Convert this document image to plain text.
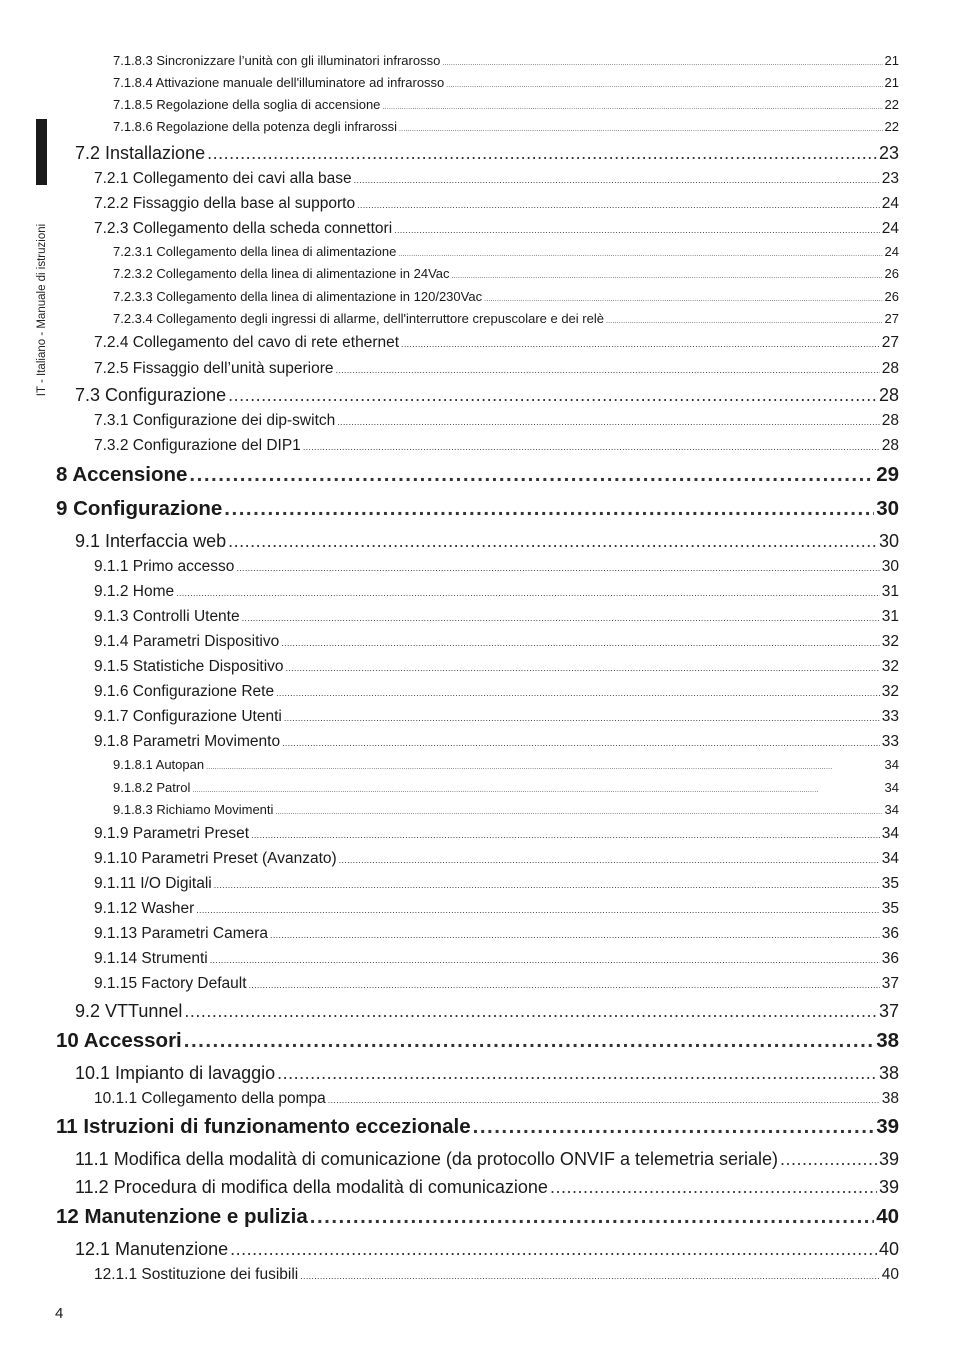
IT - Italiano - Manuale di istruzioni
7.1.8.3 Sincronizzare l’unità con gli illuminatori infrarosso .....	21
7.1.8.4 Attivazione manuale dell'illuminatore ad infrarosso .....	21
7.1.8.5 Regolazione della soglia di accensione .....	22
7.1.8.6 Regolazione della potenza degli infrarossi .....	22
7.2 Installazione .....	23
7.2.1 Collegamento dei cavi alla base .....	23
7.2.2 Fissaggio della base al supporto .....	24
7.2.3 Collegamento della scheda connettori .....	24
7.2.3.1 Collegamento della linea di alimentazione .....	24
7.2.3.2 Collegamento della linea di alimentazione in 24Vac .....	26
7.2.3.3 Collegamento della linea di alimentazione in 120/230Vac .....	26
7.2.3.4 Collegamento degli ingressi di allarme, dell'interruttore crepuscolare e dei relè .....	27
7.2.4 Collegamento del cavo di rete ethernet .....	27
7.2.5 Fissaggio dell’unità superiore .....	28
7.3 Configurazione .....	28
7.3.1 Configurazione dei dip-switch .....	28
7.3.2 Configurazione del DIP1 .....	28
8 Accensione .....	29
9 Configurazione .....	30
9.1 Interfaccia web .....	30
9.1.1 Primo accesso .....	30
9.1.2 Home .....	31
9.1.3 Controlli Utente .....	31
9.1.4 Parametri Dispositivo .....	32
9.1.5 Statistiche Dispositivo .....	32
9.1.6 Configurazione Rete .....	32
9.1.7 Configurazione Utenti .....	33
9.1.8 Parametri Movimento .....	33
9.1.8.1 Autopan .....	34
9.1.8.2 Patrol .....	34
9.1.8.3 Richiamo Movimenti .....	34
9.1.9 Parametri Preset .....	34
9.1.10 Parametri Preset (Avanzato) .....	34
9.1.11 I/O Digitali .....	35
9.1.12 Washer .....	35
9.1.13 Parametri Camera .....	36
9.1.14 Strumenti .....	36
9.1.15 Factory Default .....	37
9.2 VTTunnel .....	37
10 Accessori .....	38
10.1 Impianto di lavaggio .....	38
10.1.1 Collegamento della pompa .....	38
11 Istruzioni di funzionamento eccezionale .....	39
11.1 Modifica della modalità di comunicazione (da protocollo ONVIF a telemetria seriale) .....	39
11.2 Procedura di modifica della modalità di comunicazione .....	39
12 Manutenzione e pulizia .....	40
12.1 Manutenzione .....	40
12.1.1 Sostituzione dei fusibili .....	40
4
